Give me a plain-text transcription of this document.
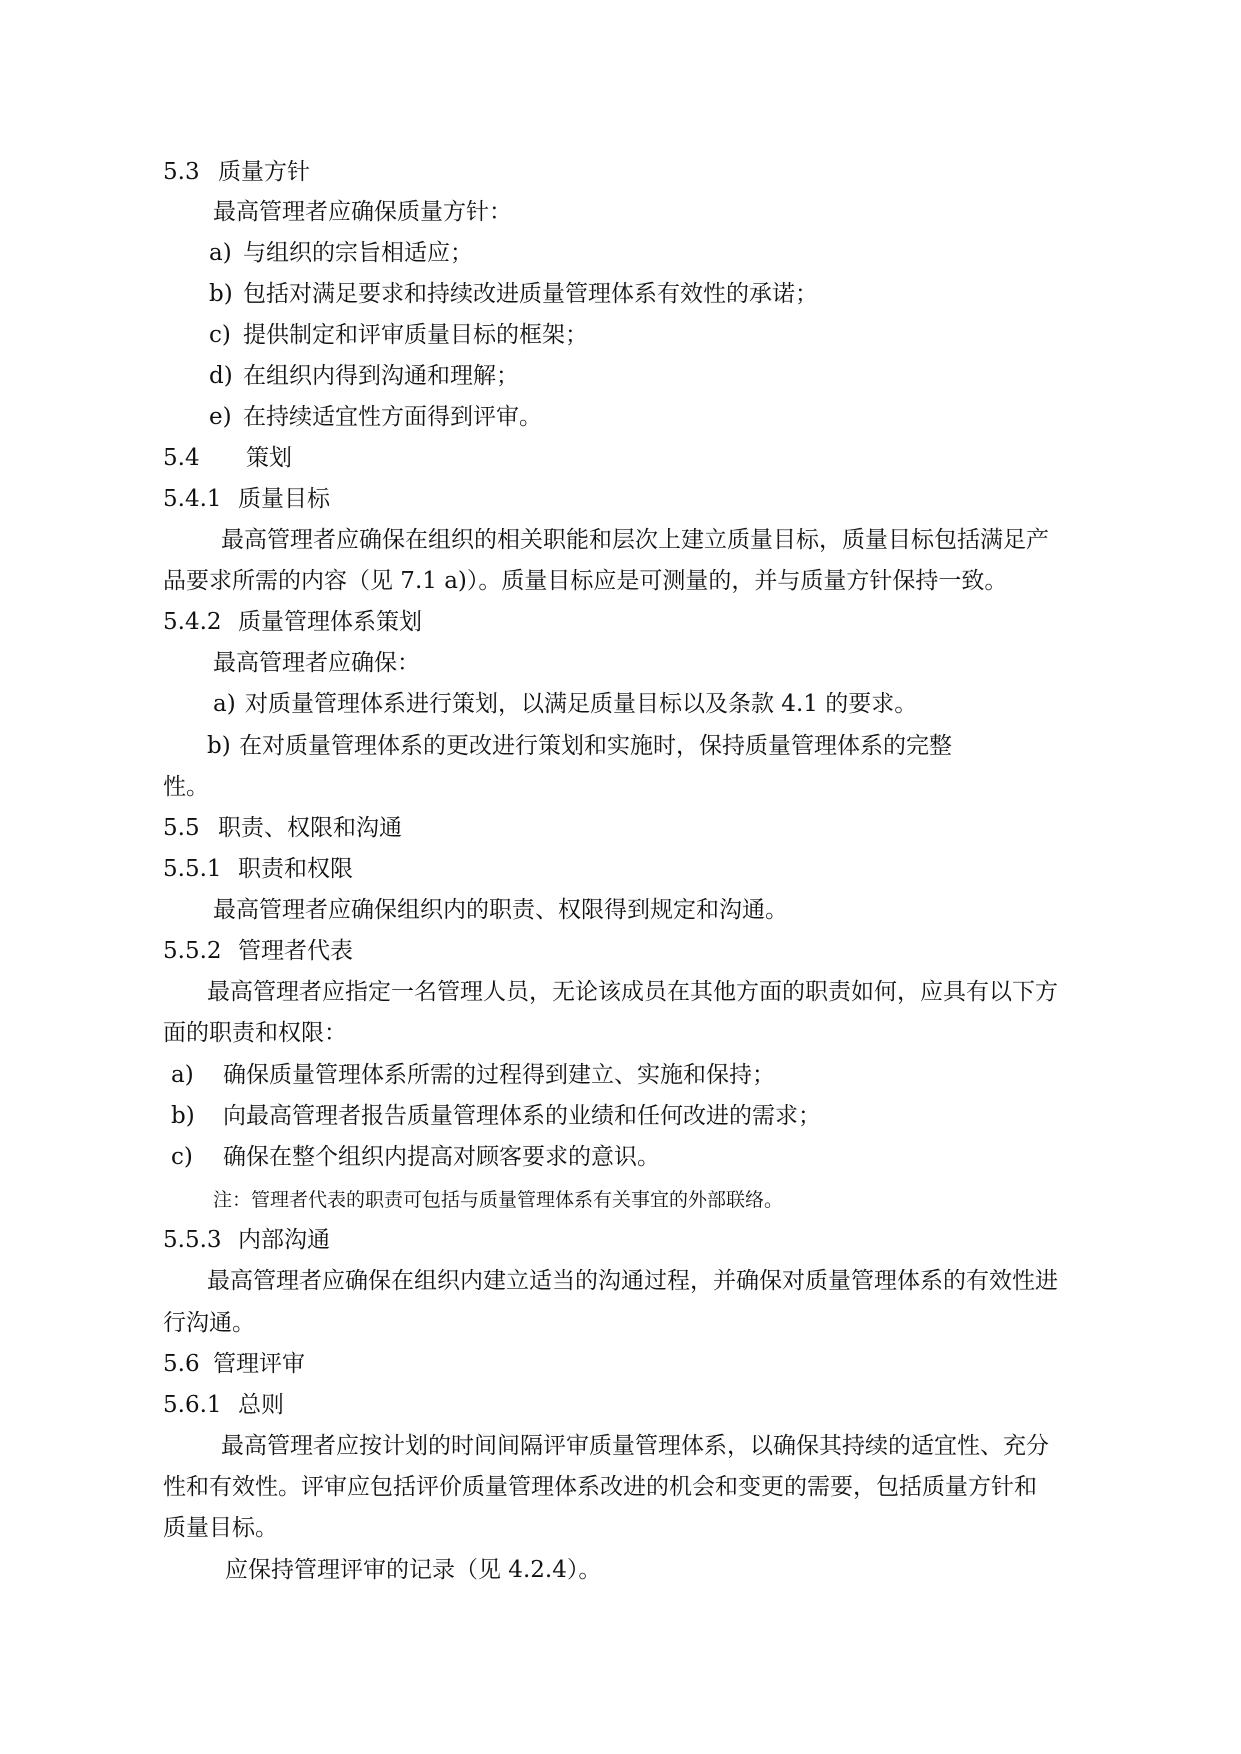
5.3 质量方针
最高管理者应确保质量方针：
a) 与组织的宗旨相适应；
b) 包括对满足要求和持续改进质量管理体系有效性的承诺；
c) 提供制定和评审质量目标的框架；
d) 在组织内得到沟通和理解；
e) 在持续适宜性方面得到评审。
5.4 策划
5.4.1 质量目标
最高管理者应确保在组织的相关职能和层次上建立质量目标，质量目标包括满足产
品要求所需的内容（见 7.1 a)）。质量目标应是可测量的，并与质量方针保持一致。
5.4.2 质量管理体系策划
最高管理者应确保：
a) 对质量管理体系进行策划，以满足质量目标以及条款 4.1 的要求。
b) 在对质量管理体系的更改进行策划和实施时，保持质量管理体系的完整
性。
5.5 职责、权限和沟通
5.5.1 职责和权限
最高管理者应确保组织内的职责、权限得到规定和沟通。
5.5.2 管理者代表
最高管理者应指定一名管理人员，无论该成员在其他方面的职责如何，应具有以下方
面的职责和权限：
a) 确保质量管理体系所需的过程得到建立、实施和保持；
b) 向最高管理者报告质量管理体系的业绩和任何改进的需求；
c) 确保在整个组织内提高对顾客要求的意识。
注：管理者代表的职责可包括与质量管理体系有关事宜的外部联络。
5.5.3 内部沟通
最高管理者应确保在组织内建立适当的沟通过程，并确保对质量管理体系的有效性进
行沟通。
5.6 管理评审
5.6.1 总则
最高管理者应按计划的时间间隔评审质量管理体系，以确保其持续的适宜性、充分
性和有效性。评审应包括评价质量管理体系改进的机会和变更的需要，包括质量方针和
质量目标。
应保持管理评审的记录（见 4.2.4）。
